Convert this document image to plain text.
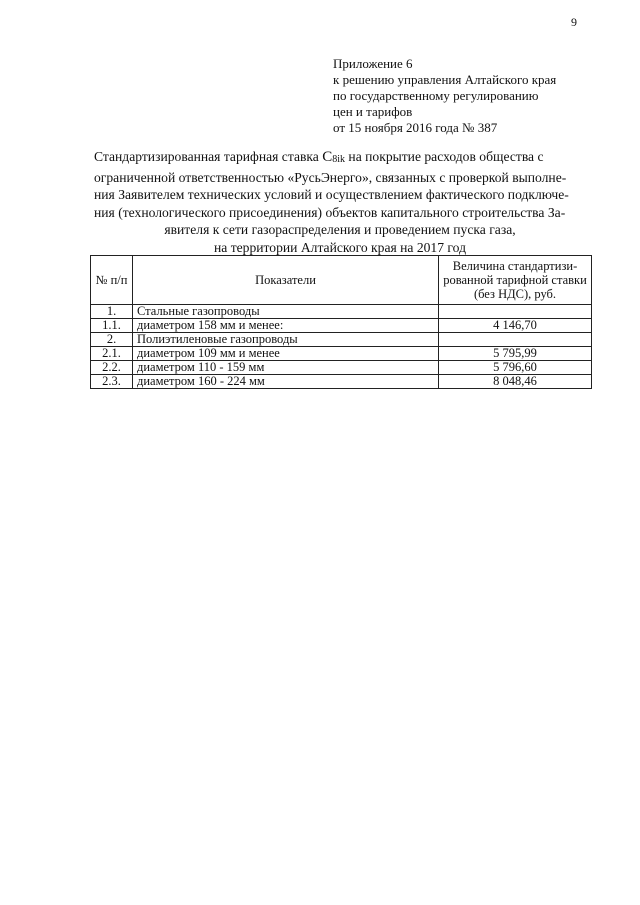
9
Приложение 6
к решению управления Алтайского края
по государственному регулированию
цен и тарифов
от 15 ноября 2016 года № 387
Стандартизированная тарифная ставка $C_{8ik}$ на покрытие расходов общества с
ограниченной ответственностью «РусьЭнерго», связанных с проверкой выполне-
ния Заявителем технических условий и осуществлением фактического подключе-
ния (технологического присоединения) объектов капитального строительства За-
явителя к сети газораспределения и проведением пуска газа,
на территории Алтайского края на 2017 год
№ п/п	Показатели	Величина стандартизи- рованной тарифной ставки (без НДС), руб.
1.	Стальные газопроводы	
1.1.	диаметром 158 мм и менее:	4 146,70
2.	Полиэтиленовые газопроводы	
2.1.	диаметром 109 мм и менее	5 795,99
2.2.	диаметром 110 - 159 мм	5 796,60
2.3.	диаметром 160 - 224 мм	8 048,46
